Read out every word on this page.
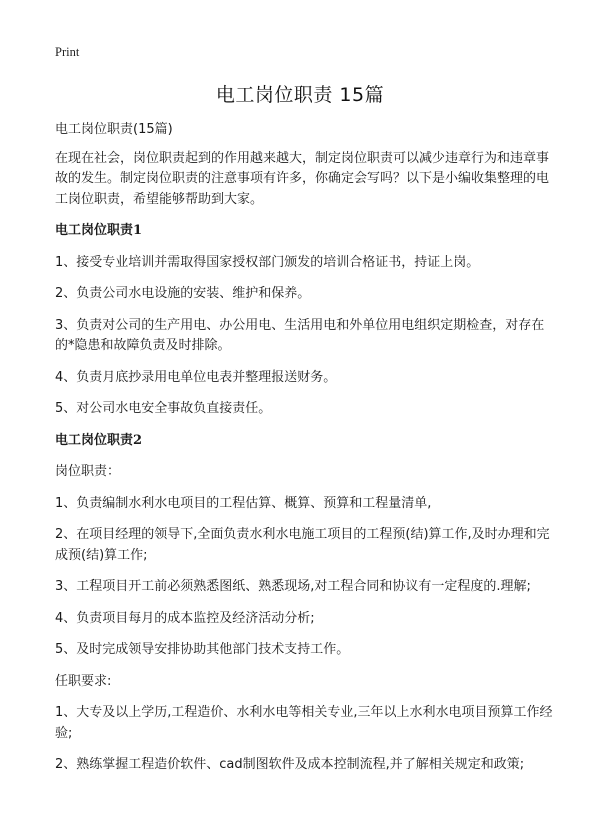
Print
电工岗位职责 15篇

电工岗位职责(15篇)

在现在社会，岗位职责起到的作用越来越大，制定岗位职责可以减少违章行为和违章事故的发生。制定岗位职责的注意事项有许多，你确定会写吗？以下是小编收集整理的电工岗位职责，希望能够帮助到大家。

电工岗位职责1

1、接受专业培训并需取得国家授权部门颁发的培训合格证书，持证上岗。

2、负责公司水电设施的安装、维护和保养。

3、负责对公司的生产用电、办公用电、生活用电和外单位用电组织定期检查，对存在的*隐患和故障负责及时排除。

4、负责月底抄录用电单位电表并整理报送财务。

5、对公司水电安全事故负直接责任。

电工岗位职责2

岗位职责：

1、负责编制水利水电项目的工程估算、概算、预算和工程量清单,

2、在项目经理的领导下,全面负责水利水电施工项目的工程预(结)算工作,及时办理和完成预(结)算工作;

3、工程项目开工前必须熟悉图纸、熟悉现场,对工程合同和协议有一定程度的.理解;

4、负责项目每月的成本监控及经济活动分析;

5、及时完成领导安排协助其他部门技术支持工作。

任职要求:

1、大专及以上学历,工程造价、水利水电等相关专业,三年以上水利水电项目预算工作经验;

2、熟练掌握工程造价软件、cad制图软件及成本控制流程,并了解相关规定和政策;
